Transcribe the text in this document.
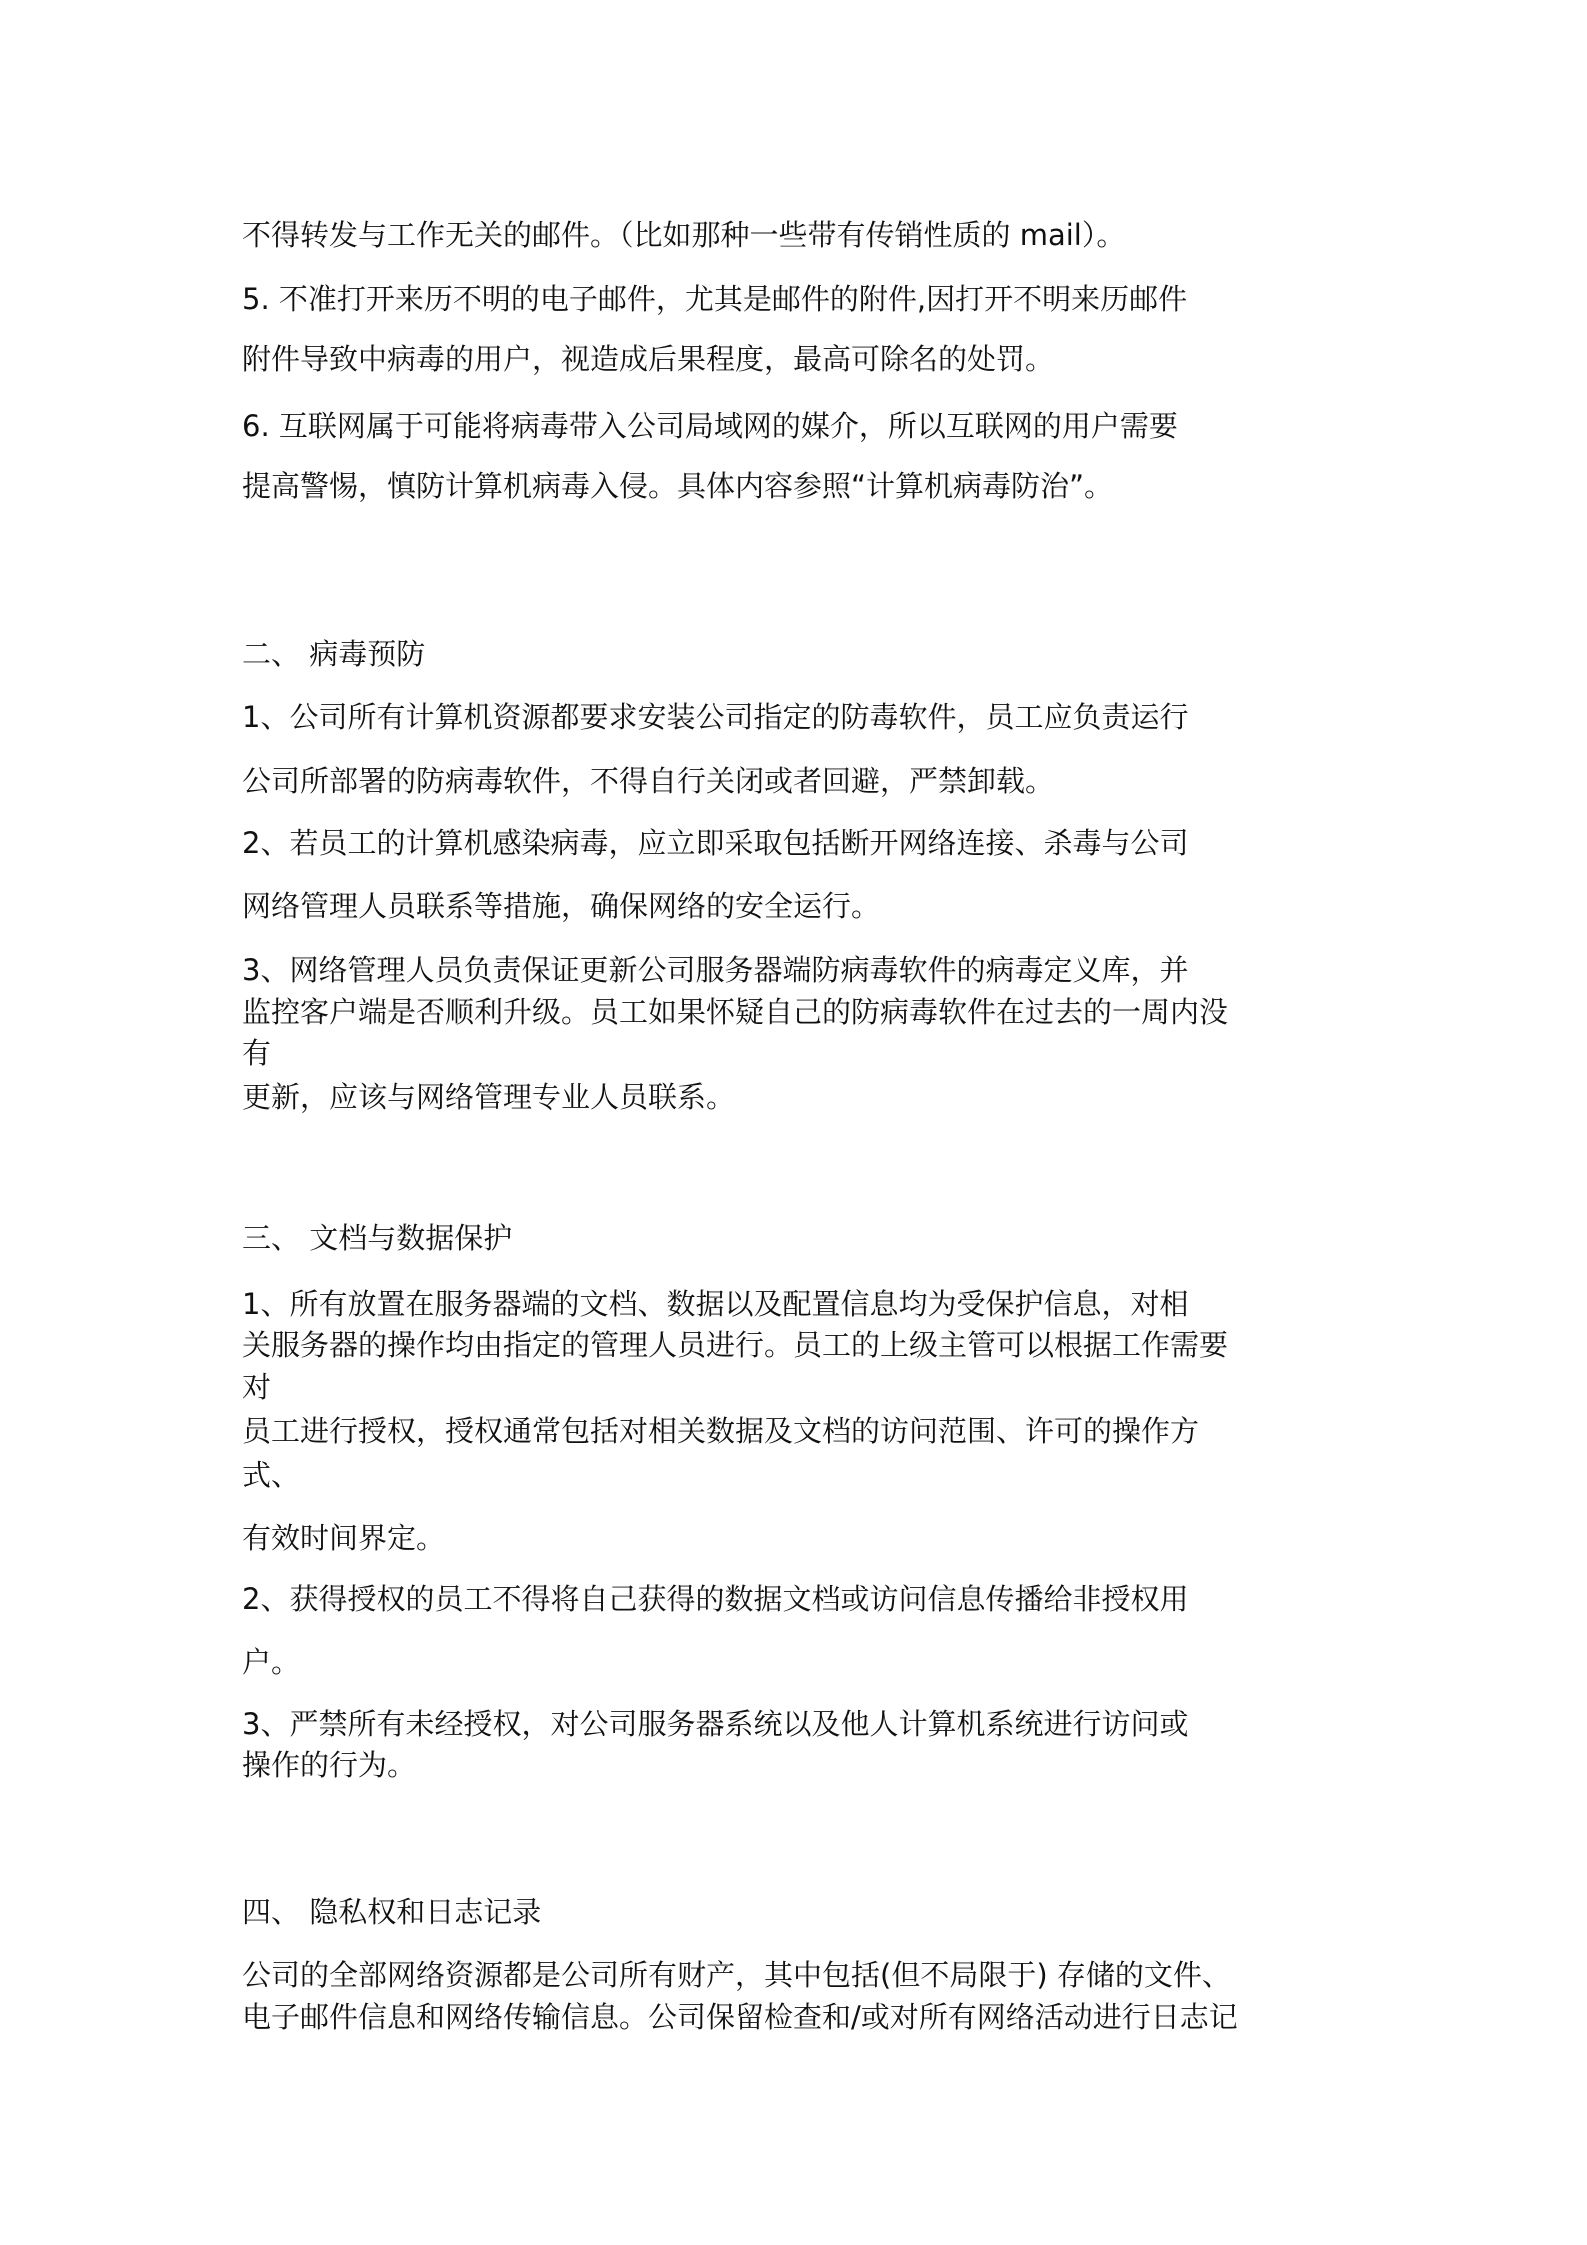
不得转发与工作无关的邮件。（比如那种一些带有传销性质的 mail）。
5. 不准打开来历不明的电子邮件，尤其是邮件的附件,因打开不明来历邮件
附件导致中病毒的用户，视造成后果程度，最高可除名的处罚。
6. 互联网属于可能将病毒带入公司局域网的媒介，所以互联网的用户需要
提高警惕，慎防计算机病毒入侵。具体内容参照“计算机病毒防治”。
二、 病毒预防
1、公司所有计算机资源都要求安装公司指定的防毒软件，员工应负责运行
公司所部署的防病毒软件，不得自行关闭或者回避，严禁卸载。
2、若员工的计算机感染病毒，应立即采取包括断开网络连接、杀毒与公司
网络管理人员联系等措施，确保网络的安全运行。
3、网络管理人员负责保证更新公司服务器端防病毒软件的病毒定义库，并
监控客户端是否顺利升级。员工如果怀疑自己的防病毒软件在过去的一周内没
有
更新，应该与网络管理专业人员联系。
三、 文档与数据保护
1、所有放置在服务器端的文档、数据以及配置信息均为受保护信息，对相
关服务器的操作均由指定的管理人员进行。员工的上级主管可以根据工作需要
对
员工进行授权，授权通常包括对相关数据及文档的访问范围、许可的操作方
式、
有效时间界定。
2、获得授权的员工不得将自己获得的数据文档或访问信息传播给非授权用
户。
3、严禁所有未经授权，对公司服务器系统以及他人计算机系统进行访问或
操作的行为。
四、 隐私权和日志记录
公司的全部网络资源都是公司所有财产，其中包括(但不局限于) 存储的文件、
电子邮件信息和网络传输信息。公司保留检查和/或对所有网络活动进行日志记
